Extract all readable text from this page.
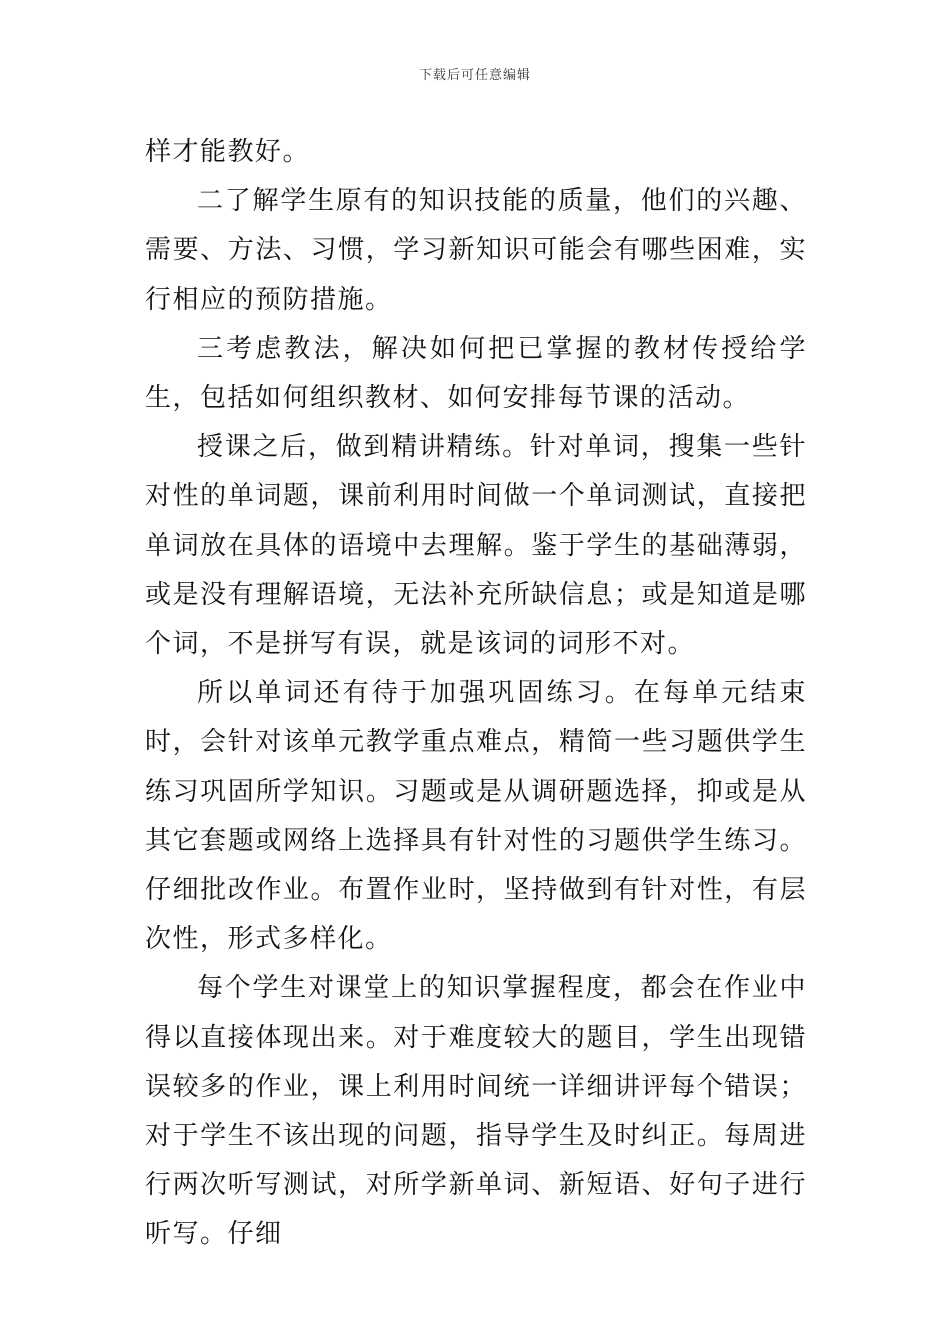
下载后可任意编辑

样才能教好。

二了解学生原有的知识技能的质量，他们的兴趣、需要、方法、习惯，学习新知识可能会有哪些困难，实行相应的预防措施。

三考虑教法，解决如何把已掌握的教材传授给学生，包括如何组织教材、如何安排每节课的活动。

授课之后，做到精讲精练。针对单词，搜集一些针对性的单词题，课前利用时间做一个单词测试，直接把单词放在具体的语境中去理解。鉴于学生的基础薄弱，或是没有理解语境，无法补充所缺信息；或是知道是哪个词，不是拼写有误，就是该词的词形不对。

所以单词还有待于加强巩固练习。在每单元结束时，会针对该单元教学重点难点，精简一些习题供学生练习巩固所学知识。习题或是从调研题选择，抑或是从其它套题或网络上选择具有针对性的习题供学生练习。仔细批改作业。布置作业时，坚持做到有针对性，有层次性，形式多样化。

每个学生对课堂上的知识掌握程度，都会在作业中得以直接体现出来。对于难度较大的题目，学生出现错误较多的作业，课上利用时间统一详细讲评每个错误；对于学生不该出现的问题，指导学生及时纠正。每周进行两次听写测试，对所学新单词、新短语、好句子进行听写。仔细
